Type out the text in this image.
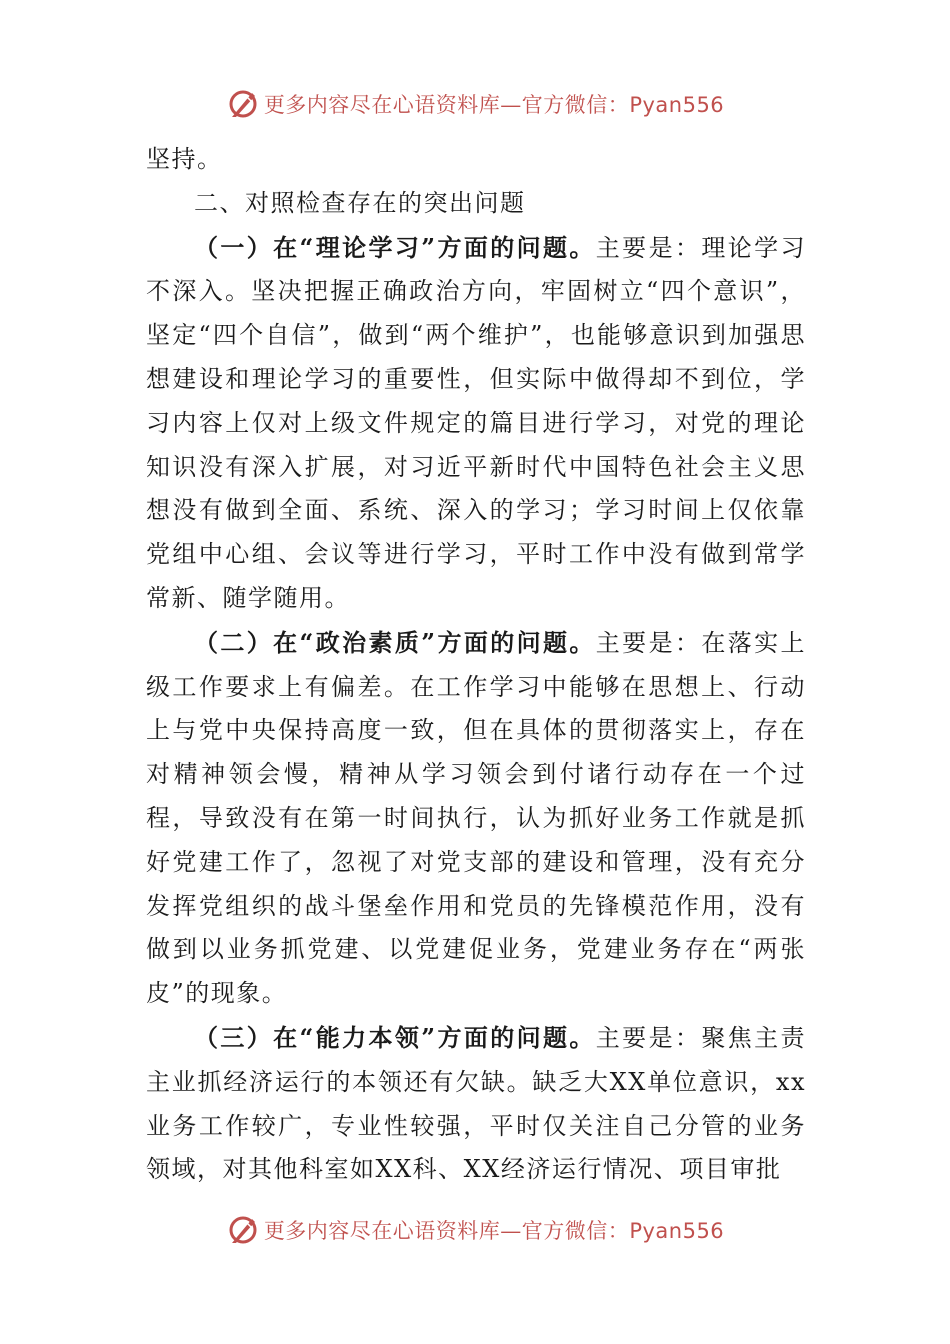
更多内容尽在心语资料库—官方微信：Pyan556

坚持。

二、对照检查存在的突出问题

（一）在“理论学习”方面的问题。主要是：理论学习不深入。坚决把握正确政治方向，牢固树立“四个意识”，坚定“四个自信”，做到“两个维护”，也能够意识到加强思想建设和理论学习的重要性，但实际中做得却不到位，学习内容上仅对上级文件规定的篇目进行学习，对党的理论知识没有深入扩展，对习近平新时代中国特色社会主义思想没有做到全面、系统、深入的学习；学习时间上仅依靠党组中心组、会议等进行学习，平时工作中没有做到常学常新、随学随用。

（二）在“政治素质”方面的问题。主要是：在落实上级工作要求上有偏差。在工作学习中能够在思想上、行动上与党中央保持高度一致，但在具体的贯彻落实上，存在对精神领会慢，精神从学习领会到付诸行动存在一个过程，导致没有在第一时间执行，认为抓好业务工作就是抓好党建工作了，忽视了对党支部的建设和管理，没有充分发挥党组织的战斗堡垒作用和党员的先锋模范作用，没有做到以业务抓党建、以党建促业务，党建业务存在“两张皮”的现象。

（三）在“能力本领”方面的问题。主要是：聚焦主责主业抓经济运行的本领还有欠缺。缺乏大XX单位意识，xx业务工作较广，专业性较强，平时仅关注自己分管的业务领域，对其他科室如XX科、XX经济运行情况、项目审批

更多内容尽在心语资料库—官方微信：Pyan556
